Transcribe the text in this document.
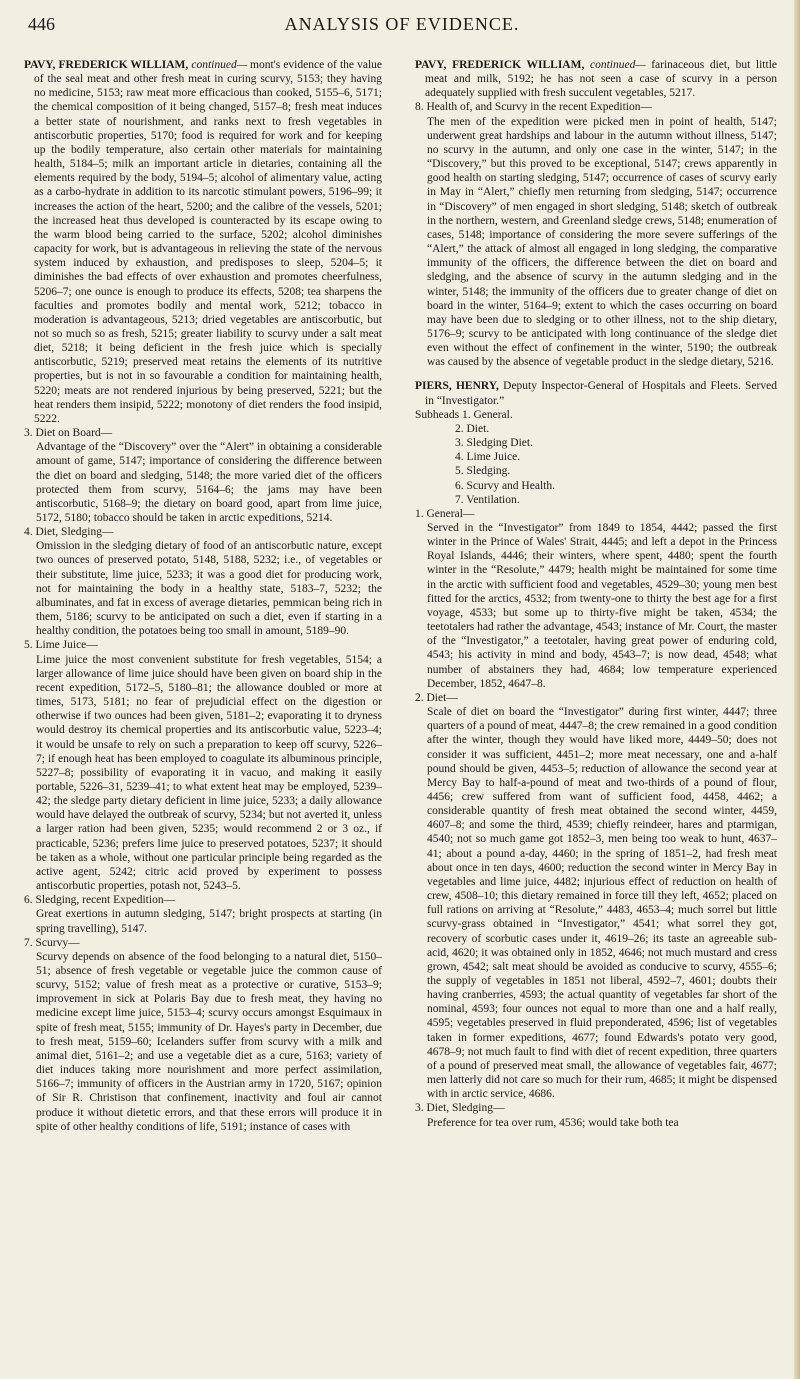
446	ANALYSIS OF EVIDENCE.

PAVY, FREDERICK WILLIAM, continued— mont's evidence of the value of the seal meat and other fresh meat in curing scurvy, 5153; they having no medicine, 5153; raw meat more efficacious than cooked, 5155–6, 5171; the chemical composition of it being changed, 5157–8; fresh meat induces a better state of nourishment, and ranks next to fresh vegetables in antiscorbutic properties, 5170; food is required for work and for keeping up the bodily temperature, also certain other materials for maintaining health, 5184–5; milk an important article in dietaries, containing all the elements required by the body, 5194–5; alcohol of alimentary value, acting as a carbo-hydrate in addition to its narcotic stimulant powers, 5196–99; it increases the action of the heart, 5200; and the calibre of the vessels, 5201; the increased heat thus developed is counteracted by its escape owing to the warm blood being carried to the surface, 5202; alcohol diminishes capacity for work, but is advantageous in relieving the state of the nervous system induced by exhaustion, and predisposes to sleep, 5204–5; it diminishes the bad effects of over exhaustion and promotes cheerfulness, 5206–7; one ounce is enough to produce its effects, 5208; tea sharpens the faculties and promotes bodily and mental work, 5212; tobacco in moderation is advantageous, 5213; dried vegetables are antiscorbutic, but not so much so as fresh, 5215; greater liability to scurvy under a salt meat diet, 5218; it being deficient in the fresh juice which is specially antiscorbutic, 5219; preserved meat retains the elements of its nutritive properties, but is not in so favourable a condition for maintaining health, 5220; meats are not rendered injurious by being preserved, 5221; but the heat renders them insipid, 5222; monotony of diet renders the food insipid, 5222.

3. Diet on Board—

Advantage of the “Discovery” over the “Alert” in obtaining a considerable amount of game, 5147; importance of considering the difference between the diet on board and sledging, 5148; the more varied diet of the officers protected them from scurvy, 5164–6; the jams may have been antiscorbutic, 5168–9; the dietary on board good, apart from lime juice, 5172, 5180; tobacco should be taken in arctic expeditions, 5214.

4. Diet, Sledging—

Omission in the sledging dietary of food of an antiscorbutic nature, except two ounces of preserved potato, 5148, 5188, 5232; i.e., of vegetables or their substitute, lime juice, 5233; it was a good diet for producing work, not for maintaining the body in a healthy state, 5183–7, 5232; the albuminates, and fat in excess of average dietaries, pemmican being rich in them, 5186; scurvy to be anticipated on such a diet, even if starting in a healthy condition, the potatoes being too small in amount, 5189–90.

5. Lime Juice—

Lime juice the most convenient substitute for fresh vegetables, 5154; a larger allowance of lime juice should have been given on board ship in the recent expedition, 5172–5, 5180–81; the allowance doubled or more at times, 5173, 5181; no fear of prejudicial effect on the digestion or otherwise if two ounces had been given, 5181–2; evaporating it to dryness would destroy its chemical properties and its antiscorbutic value, 5223–4; it would be unsafe to rely on such a preparation to keep off scurvy, 5226–7; if enough heat has been employed to coagulate its albuminous principle, 5227–8; possibility of evaporating it in vacuo, and making it easily portable, 5226–31, 5239–41; to what extent heat may be employed, 5239–42; the sledge party dietary deficient in lime juice, 5233; a daily allowance would have delayed the outbreak of scurvy, 5234; but not averted it, unless a larger ration had been given, 5235; would recommend 2 or 3 oz., if practicable, 5236; prefers lime juice to preserved potatoes, 5237; it should be taken as a whole, without one particular principle being regarded as the active agent, 5242; citric acid proved by experiment to possess antiscorbutic properties, potash not, 5243–5.

6. Sledging, recent Expedition—

Great exertions in autumn sledging, 5147; bright prospects at starting (in spring travelling), 5147.

7. Scurvy—

Scurvy depends on absence of the food belonging to a natural diet, 5150–51; absence of fresh vegetable or vegetable juice the common cause of scurvy, 5152; value of fresh meat as a protective or curative, 5153–9; improvement in sick at Polaris Bay due to fresh meat, they having no medicine except lime juice, 5153–4; scurvy occurs amongst Esquimaux in spite of fresh meat, 5155; immunity of Dr. Hayes's party in December, due to fresh meat, 5159–60; Icelanders suffer from scurvy with a milk and animal diet, 5161–2; and use a vegetable diet as a cure, 5163; variety of diet induces taking more nourishment and more perfect assimilation, 5166–7; immunity of officers in the Austrian army in 1720, 5167; opinion of Sir R. Christison that confinement, inactivity and foul air cannot produce it without dietetic errors, and that these errors will produce it in spite of other healthy conditions of life, 5191; instance of cases with

PAVY, FREDERICK WILLIAM, continued— farinaceous diet, but little meat and milk, 5192; he has not seen a case of scurvy in a person adequately supplied with fresh succulent vegetables, 5217.

8. Health of, and Scurvy in the recent Expedition—

The men of the expedition were picked men in point of health, 5147; underwent great hardships and labour in the autumn without illness, 5147; no scurvy in the autumn, and only one case in the winter, 5147; in the “Discovery,” but this proved to be exceptional, 5147; crews apparently in good health on starting sledging, 5147; occurrence of cases of scurvy early in May in “Alert,” chiefly men returning from sledging, 5147; occurrence in “Discovery” of men engaged in short sledging, 5148; sketch of outbreak in the northern, western, and Greenland sledge crews, 5148; enumeration of cases, 5148; importance of considering the more severe sufferings of the “Alert,” the attack of almost all engaged in long sledging, the comparative immunity of the officers, the difference between the diet on board and sledging, and the absence of scurvy in the autumn sledging and in the winter, 5148; the immunity of the officers due to greater change of diet on board in the winter, 5164–9; extent to which the cases occurring on board may have been due to sledging or to other illness, not to the ship dietary, 5176–9; scurvy to be anticipated with long continuance of the sledge diet even without the effect of confinement in the winter, 5190; the outbreak was caused by the absence of vegetable product in the sledge dietary, 5216.

PIERS, HENRY, Deputy Inspector-General of Hospitals and Fleets. Served in “Investigator.”

Subheads 1. General.
2. Diet.
3. Sledging Diet.
4. Lime Juice.
5. Sledging.
6. Scurvy and Health.
7. Ventilation.

1. General—

Served in the “Investigator” from 1849 to 1854, 4442; passed the first winter in the Prince of Wales' Strait, 4445; and left a depot in the Princess Royal Islands, 4446; their winters, where spent, 4480; spent the fourth winter in the “Resolute,” 4479; health might be maintained for some time in the arctic with sufficient food and vegetables, 4529–30; young men best fitted for the arctics, 4532; from twenty-one to thirty the best age for a first voyage, 4533; but some up to thirty-five might be taken, 4534; the teetotalers had rather the advantage, 4543; instance of Mr. Court, the master of the “Investigator,” a teetotaler, having great power of enduring cold, 4543; his activity in mind and body, 4543–7; is now dead, 4548; what number of abstainers they had, 4684; low temperature experienced December, 1852, 4647–8.

2. Diet—

Scale of diet on board the “Investigator” during first winter, 4447; three quarters of a pound of meat, 4447–8; the crew remained in a good condition after the winter, though they would have liked more, 4449–50; does not consider it was sufficient, 4451–2; more meat necessary, one and a-half pound should be given, 4453–5; reduction of allowance the second year at Mercy Bay to half-a-pound of meat and two-thirds of a pound of flour, 4456; crew suffered from want of sufficient food, 4458, 4462; a considerable quantity of fresh meat obtained the second winter, 4459, 4607–8; and some the third, 4539; chiefly reindeer, hares and ptarmigan, 4540; not so much game got 1852–3, men being too weak to hunt, 4637–41; about a pound a-day, 4460; in the spring of 1851–2, had fresh meat about once in ten days, 4600; reduction the second winter in Mercy Bay in vegetables and lime juice, 4482; injurious effect of reduction on health of crew, 4508–10; this dietary remained in force till they left, 4652; placed on full rations on arriving at “Resolute,” 4483, 4653–4; much sorrel but little scurvy-grass obtained in “Investigator,” 4541; what sorrel they got, recovery of scorbutic cases under it, 4619–26; its taste an agreeable sub-acid, 4620; it was obtained only in 1852, 4646; not much mustard and cress grown, 4542; salt meat should be avoided as conducive to scurvy, 4555–6; the supply of vegetables in 1851 not liberal, 4592–7, 4601; doubts their having cranberries, 4593; the actual quantity of vegetables far short of the nominal, 4593; four ounces not equal to more than one and a half really, 4595; vegetables preserved in fluid preponderated, 4596; list of vegetables taken in former expeditions, 4677; found Edwards's potato very good, 4678–9; not much fault to find with diet of recent expedition, three quarters of a pound of preserved meat small, the allowance of vegetables fair, 4677; men latterly did not care so much for their rum, 4685; it might be dispensed with in arctic service, 4686.

3. Diet, Sledging—

Preference for tea over rum, 4536; would take both tea
